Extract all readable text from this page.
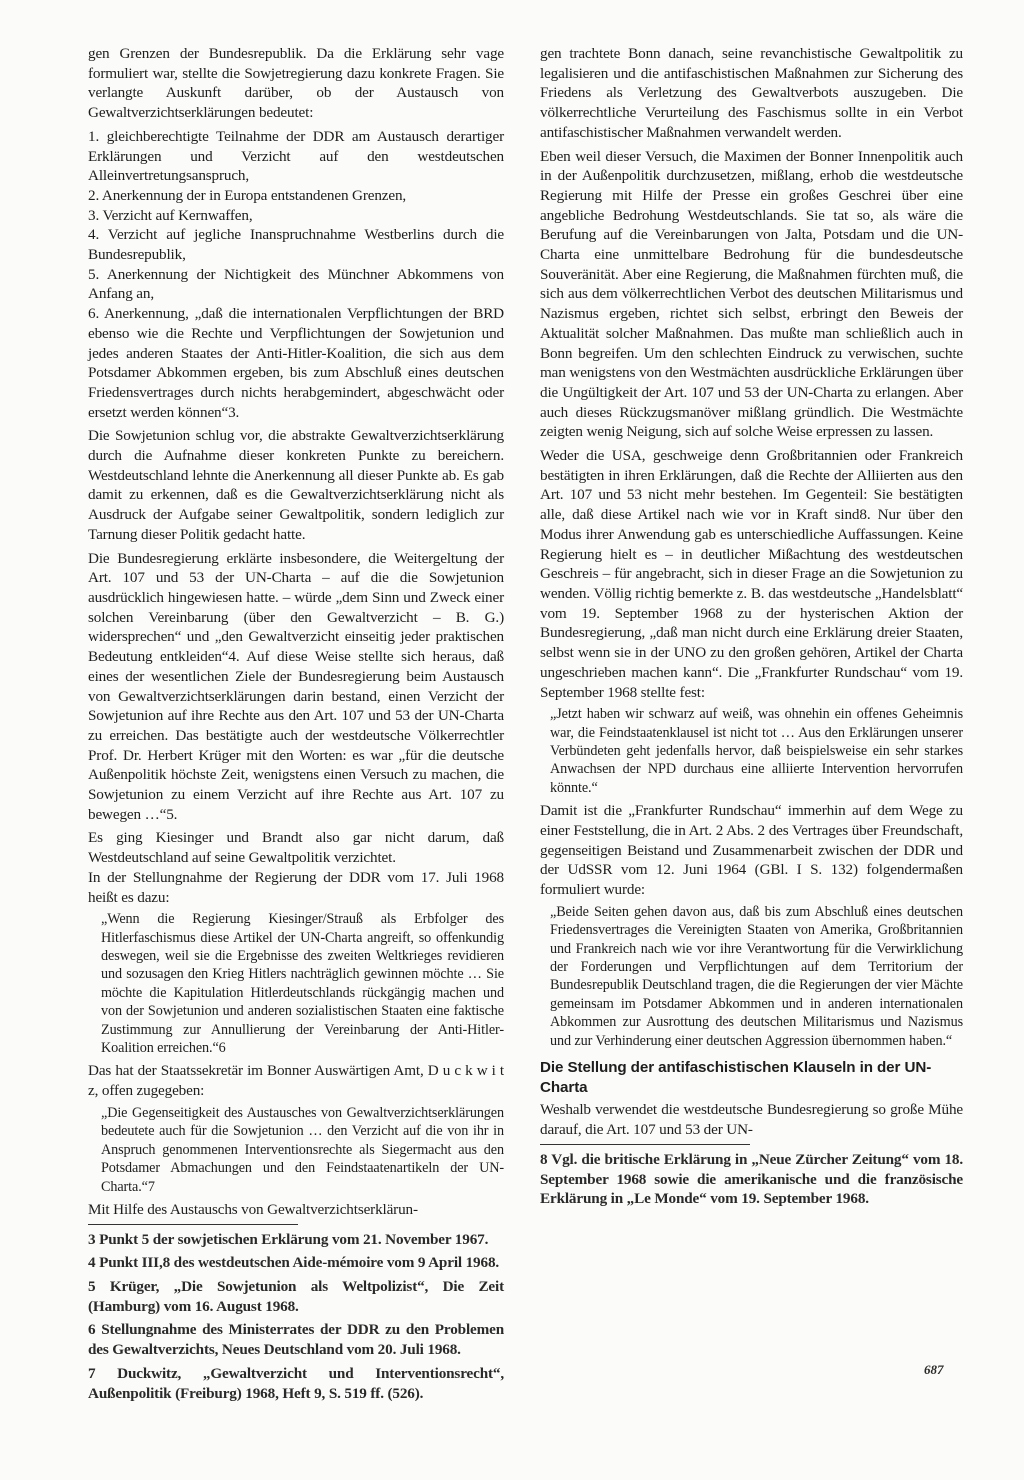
gen Grenzen der Bundesrepublik. Da die Erklärung sehr vage formuliert war, stellte die Sowjetregierung dazu konkrete Fragen. Sie verlangte Auskunft darüber, ob der Austausch von Gewaltverzichtserklärungen bedeutet:

1. gleichberechtigte Teilnahme der DDR am Austausch derartiger Erklärungen und Verzicht auf den westdeutschen Alleinvertretungsanspruch,

2. Anerkennung der in Europa entstandenen Grenzen,

3. Verzicht auf Kernwaffen,

4. Verzicht auf jegliche Inanspruchnahme Westberlins durch die Bundesrepublik,

5. Anerkennung der Nichtigkeit des Münchner Abkommens von Anfang an,

6. Anerkennung, „daß die internationalen Verpflichtungen der BRD ebenso wie die Rechte und Verpflichtungen der Sowjetunion und jedes anderen Staates der Anti-Hitler-Koalition, die sich aus dem Potsdamer Abkommen ergeben, bis zum Abschluß eines deutschen Friedensvertrages durch nichts herabgemindert, abgeschwächt oder ersetzt werden können“3.

Die Sowjetunion schlug vor, die abstrakte Gewaltverzichtserklärung durch die Aufnahme dieser konkreten Punkte zu bereichern. Westdeutschland lehnte die Anerkennung all dieser Punkte ab. Es gab damit zu erkennen, daß es die Gewaltverzichtserklärung nicht als Ausdruck der Aufgabe seiner Gewaltpolitik, sondern lediglich zur Tarnung dieser Politik gedacht hatte.

Die Bundesregierung erklärte insbesondere, die Weitergeltung der Art. 107 und 53 der UN-Charta – auf die die Sowjetunion ausdrücklich hingewiesen hatte. – würde „dem Sinn und Zweck einer solchen Vereinbarung (über den Gewaltverzicht – B. G.) widersprechen“ und „den Gewaltverzicht einseitig jeder praktischen Bedeutung entkleiden“4. Auf diese Weise stellte sich heraus, daß eines der wesentlichen Ziele der Bundesregierung beim Austausch von Gewaltverzichtserklärungen darin bestand, einen Verzicht der Sowjetunion auf ihre Rechte aus den Art. 107 und 53 der UN-Charta zu erreichen. Das bestätigte auch der westdeutsche Völkerrechtler Prof. Dr. Herbert Krüger mit den Worten: es war „für die deutsche Außenpolitik höchste Zeit, wenigstens einen Versuch zu machen, die Sowjetunion zu einem Verzicht auf ihre Rechte aus Art. 107 zu bewegen …“5.

Es ging Kiesinger und Brandt also gar nicht darum, daß Westdeutschland auf seine Gewaltpolitik verzichtet.

In der Stellungnahme der Regierung der DDR vom 17. Juli 1968 heißt es dazu:

„Wenn die Regierung Kiesinger/Strauß als Erbfolger des Hitlerfaschismus diese Artikel der UN-Charta angreift, so offenkundig deswegen, weil sie die Ergebnisse des zweiten Weltkrieges revidieren und sozusagen den Krieg Hitlers nachträglich gewinnen möchte … Sie möchte die Kapitulation Hitlerdeutschlands rückgängig machen und von der Sowjetunion und anderen sozialistischen Staaten eine faktische Zustimmung zur Annullierung der Vereinbarung der Anti-Hitler-Koalition erreichen.“6

Das hat der Staatssekretär im Bonner Auswärtigen Amt, D u c k w i t z, offen zugegeben:

„Die Gegenseitigkeit des Austausches von Gewaltverzichtserklärungen bedeutete auch für die Sowjetunion … den Verzicht auf die von ihr in Anspruch genommenen Interventionsrechte als Siegermacht aus den Potsdamer Abmachungen und den Feindstaatenartikeln der UN-Charta.“7

Mit Hilfe des Austauschs von Gewaltverzichtserklärun-

3 Punkt 5 der sowjetischen Erklärung vom 21. November 1967.

4 Punkt III,8 des westdeutschen Aide-mémoire vom 9 April 1968.

5 Krüger, „Die Sowjetunion als Weltpolizist“, Die Zeit (Hamburg) vom 16. August 1968.

6 Stellungnahme des Ministerrates der DDR zu den Problemen des Gewaltverzichts, Neues Deutschland vom 20. Juli 1968.

7 Duckwitz, „Gewaltverzicht und Interventionsrecht“, Außenpolitik (Freiburg) 1968, Heft 9, S. 519 ff. (526).

gen trachtete Bonn danach, seine revanchistische Gewaltpolitik zu legalisieren und die antifaschistischen Maßnahmen zur Sicherung des Friedens als Verletzung des Gewaltverbots auszugeben. Die völkerrechtliche Verurteilung des Faschismus sollte in ein Verbot antifaschistischer Maßnahmen verwandelt werden.

Eben weil dieser Versuch, die Maximen der Bonner Innenpolitik auch in der Außenpolitik durchzusetzen, mißlang, erhob die westdeutsche Regierung mit Hilfe der Presse ein großes Geschrei über eine angebliche Bedrohung Westdeutschlands. Sie tat so, als wäre die Berufung auf die Vereinbarungen von Jalta, Potsdam und die UN-Charta eine unmittelbare Bedrohung für die bundesdeutsche Souveränität. Aber eine Regierung, die Maßnahmen fürchten muß, die sich aus dem völkerrechtlichen Verbot des deutschen Militarismus und Nazismus ergeben, richtet sich selbst, erbringt den Beweis der Aktualität solcher Maßnahmen. Das mußte man schließlich auch in Bonn begreifen. Um den schlechten Eindruck zu verwischen, suchte man wenigstens von den Westmächten ausdrückliche Erklärungen über die Ungültigkeit der Art. 107 und 53 der UN-Charta zu erlangen. Aber auch dieses Rückzugsmanöver mißlang gründlich. Die Westmächte zeigten wenig Neigung, sich auf solche Weise erpressen zu lassen.

Weder die USA, geschweige denn Großbritannien oder Frankreich bestätigten in ihren Erklärungen, daß die Rechte der Alliierten aus den Art. 107 und 53 nicht mehr bestehen. Im Gegenteil: Sie bestätigten alle, daß diese Artikel nach wie vor in Kraft sind8. Nur über den Modus ihrer Anwendung gab es unterschiedliche Auffassungen. Keine Regierung hielt es – in deutlicher Mißachtung des westdeutschen Geschreis – für angebracht, sich in dieser Frage an die Sowjetunion zu wenden. Völlig richtig bemerkte z. B. das westdeutsche „Handelsblatt“ vom 19. September 1968 zu der hysterischen Aktion der Bundesregierung, „daß man nicht durch eine Erklärung dreier Staaten, selbst wenn sie in der UNO zu den großen gehören, Artikel der Charta ungeschrieben machen kann“. Die „Frankfurter Rundschau“ vom 19. September 1968 stellte fest:

„Jetzt haben wir schwarz auf weiß, was ohnehin ein offenes Geheimnis war, die Feindstaatenklausel ist nicht tot … Aus den Erklärungen unserer Verbündeten geht jedenfalls hervor, daß beispielsweise ein sehr starkes Anwachsen der NPD durchaus eine alliierte Intervention hervorrufen könnte.“

Damit ist die „Frankfurter Rundschau“ immerhin auf dem Wege zu einer Feststellung, die in Art. 2 Abs. 2 des Vertrages über Freundschaft, gegenseitigen Beistand und Zusammenarbeit zwischen der DDR und der UdSSR vom 12. Juni 1964 (GBl. I S. 132) folgendermaßen formuliert wurde:

„Beide Seiten gehen davon aus, daß bis zum Abschluß eines deutschen Friedensvertrages die Vereinigten Staaten von Amerika, Großbritannien und Frankreich nach wie vor ihre Verantwortung für die Verwirklichung der Forderungen und Verpflichtungen auf dem Territorium der Bundesrepublik Deutschland tragen, die die Regierungen der vier Mächte gemeinsam im Potsdamer Abkommen und in anderen internationalen Abkommen zur Ausrottung des deutschen Militarismus und Nazismus und zur Verhinderung einer deutschen Aggression übernommen haben.“
Die Stellung der antifaschistischen Klauseln in der UN-Charta

Weshalb verwendet die westdeutsche Bundesregierung so große Mühe darauf, die Art. 107 und 53 der UN-

8 Vgl. die britische Erklärung in „Neue Zürcher Zeitung“ vom 18. September 1968 sowie die amerikanische und die französische Erklärung in „Le Monde“ vom 19. September 1968.

687
